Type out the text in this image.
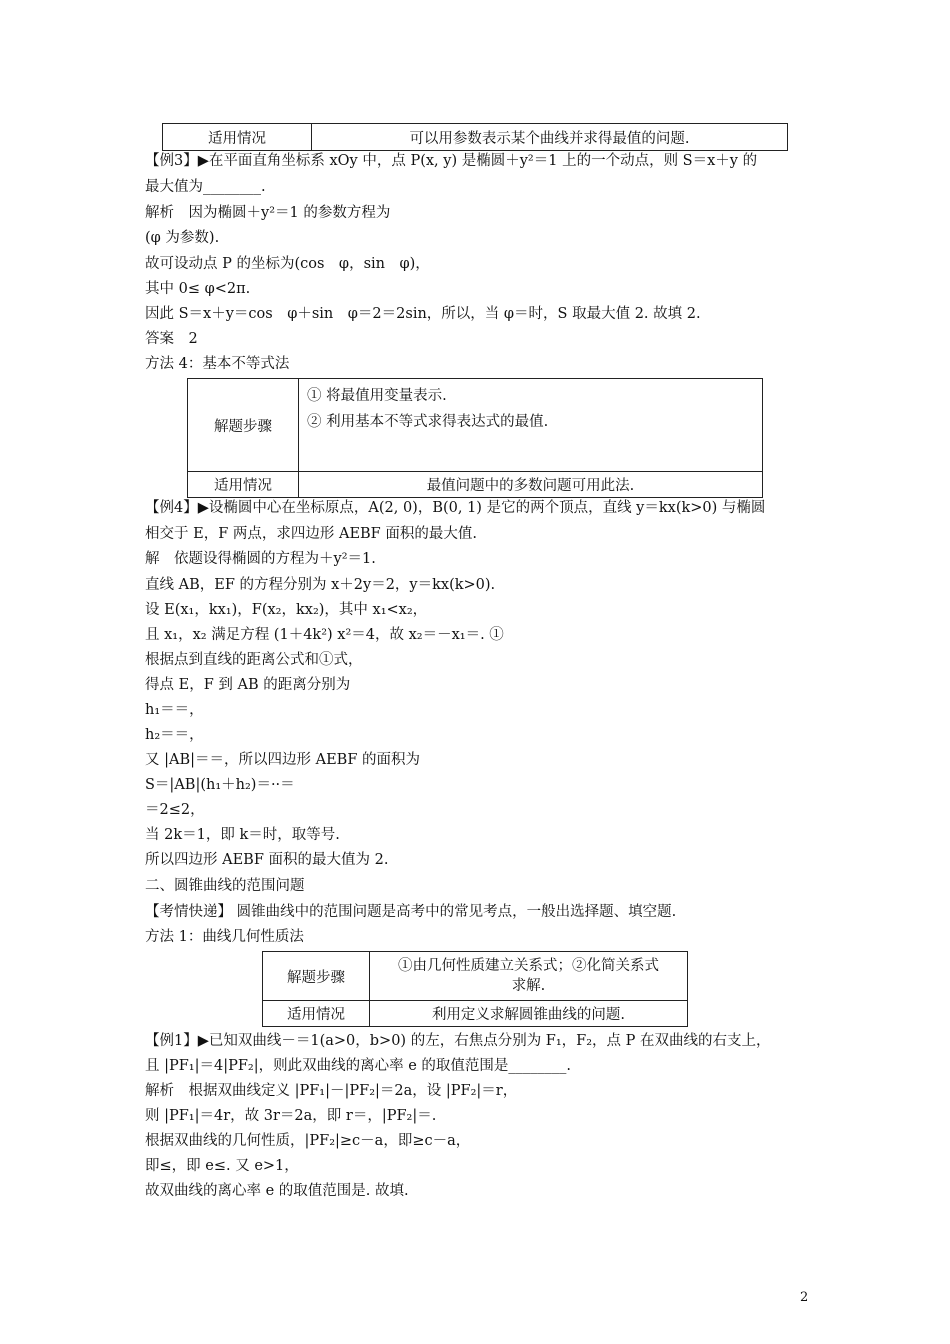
适用情况	可以用参数表示某个曲线并求得最值的问题.
【例3】▶在平面直角坐标系 xOy 中，点 P(x, y) 是椭圆＋y²＝1 上的一个动点，则 S＝x＋y 的
最大值为________.
解析　因为椭圆＋y²＝1 的参数方程为
(φ 为参数).
故可设动点 P 的坐标为(cos　φ，sin　φ)，
其中 0≤ φ<2π.
因此 S＝x＋y＝cos　φ＋sin　φ＝2＝2sin，所以，当 φ＝时，S 取最大值 2. 故填 2.
答案　2
方法 4：基本不等式法
解题步骤	① 将最值用变量表示.
② 利用基本不等式求得表达式的最值.

适用情况	最值问题中的多数问题可用此法.
【例4】▶设椭圆中心在坐标原点，A(2, 0)，B(0, 1) 是它的两个顶点，直线 y＝kx(k>0) 与椭圆
相交于 E，F 两点，求四边形 AEBF 面积的最大值.
解　依题设得椭圆的方程为＋y²＝1.
直线 AB，EF 的方程分别为 x＋2y＝2，y＝kx(k>0).
设 E(x₁，kx₁)，F(x₂，kx₂)，其中 x₁<x₂，
且 x₁，x₂ 满足方程 (1＋4k²) x²＝4，故 x₂＝－x₁＝. ①
根据点到直线的距离公式和①式，
得点 E，F 到 AB 的距离分别为
h₁＝＝，
h₂＝＝，
又 |AB|＝＝，所以四边形 AEBF 的面积为
S＝|AB|(h₁＋h₂)＝··＝
＝2≤2，
当 2k＝1，即 k＝时，取等号.
所以四边形 AEBF 面积的最大值为 2.
二、圆锥曲线的范围问题
【考情快递】 圆锥曲线中的范围问题是高考中的常见考点，一般出选择题、填空题.
方法 1：曲线几何性质法
解题步骤	①由几何性质建立关系式；②化简关系式
求解.

适用情况	利用定义求解圆锥曲线的问题.
【例1】▶已知双曲线－＝1(a>0，b>0) 的左，右焦点分别为 F₁，F₂，点 P 在双曲线的右支上，
且 |PF₁|＝4|PF₂|，则此双曲线的离心率 e 的取值范围是________.
解析　根据双曲线定义 |PF₁|－|PF₂|＝2a，设 |PF₂|＝r，
则 |PF₁|＝4r，故 3r＝2a，即 r＝，|PF₂|＝.
根据双曲线的几何性质，|PF₂|≥c－a，即≥c－a，
即≤，即 e≤. 又 e>1，
故双曲线的离心率 e 的取值范围是. 故填.
2
